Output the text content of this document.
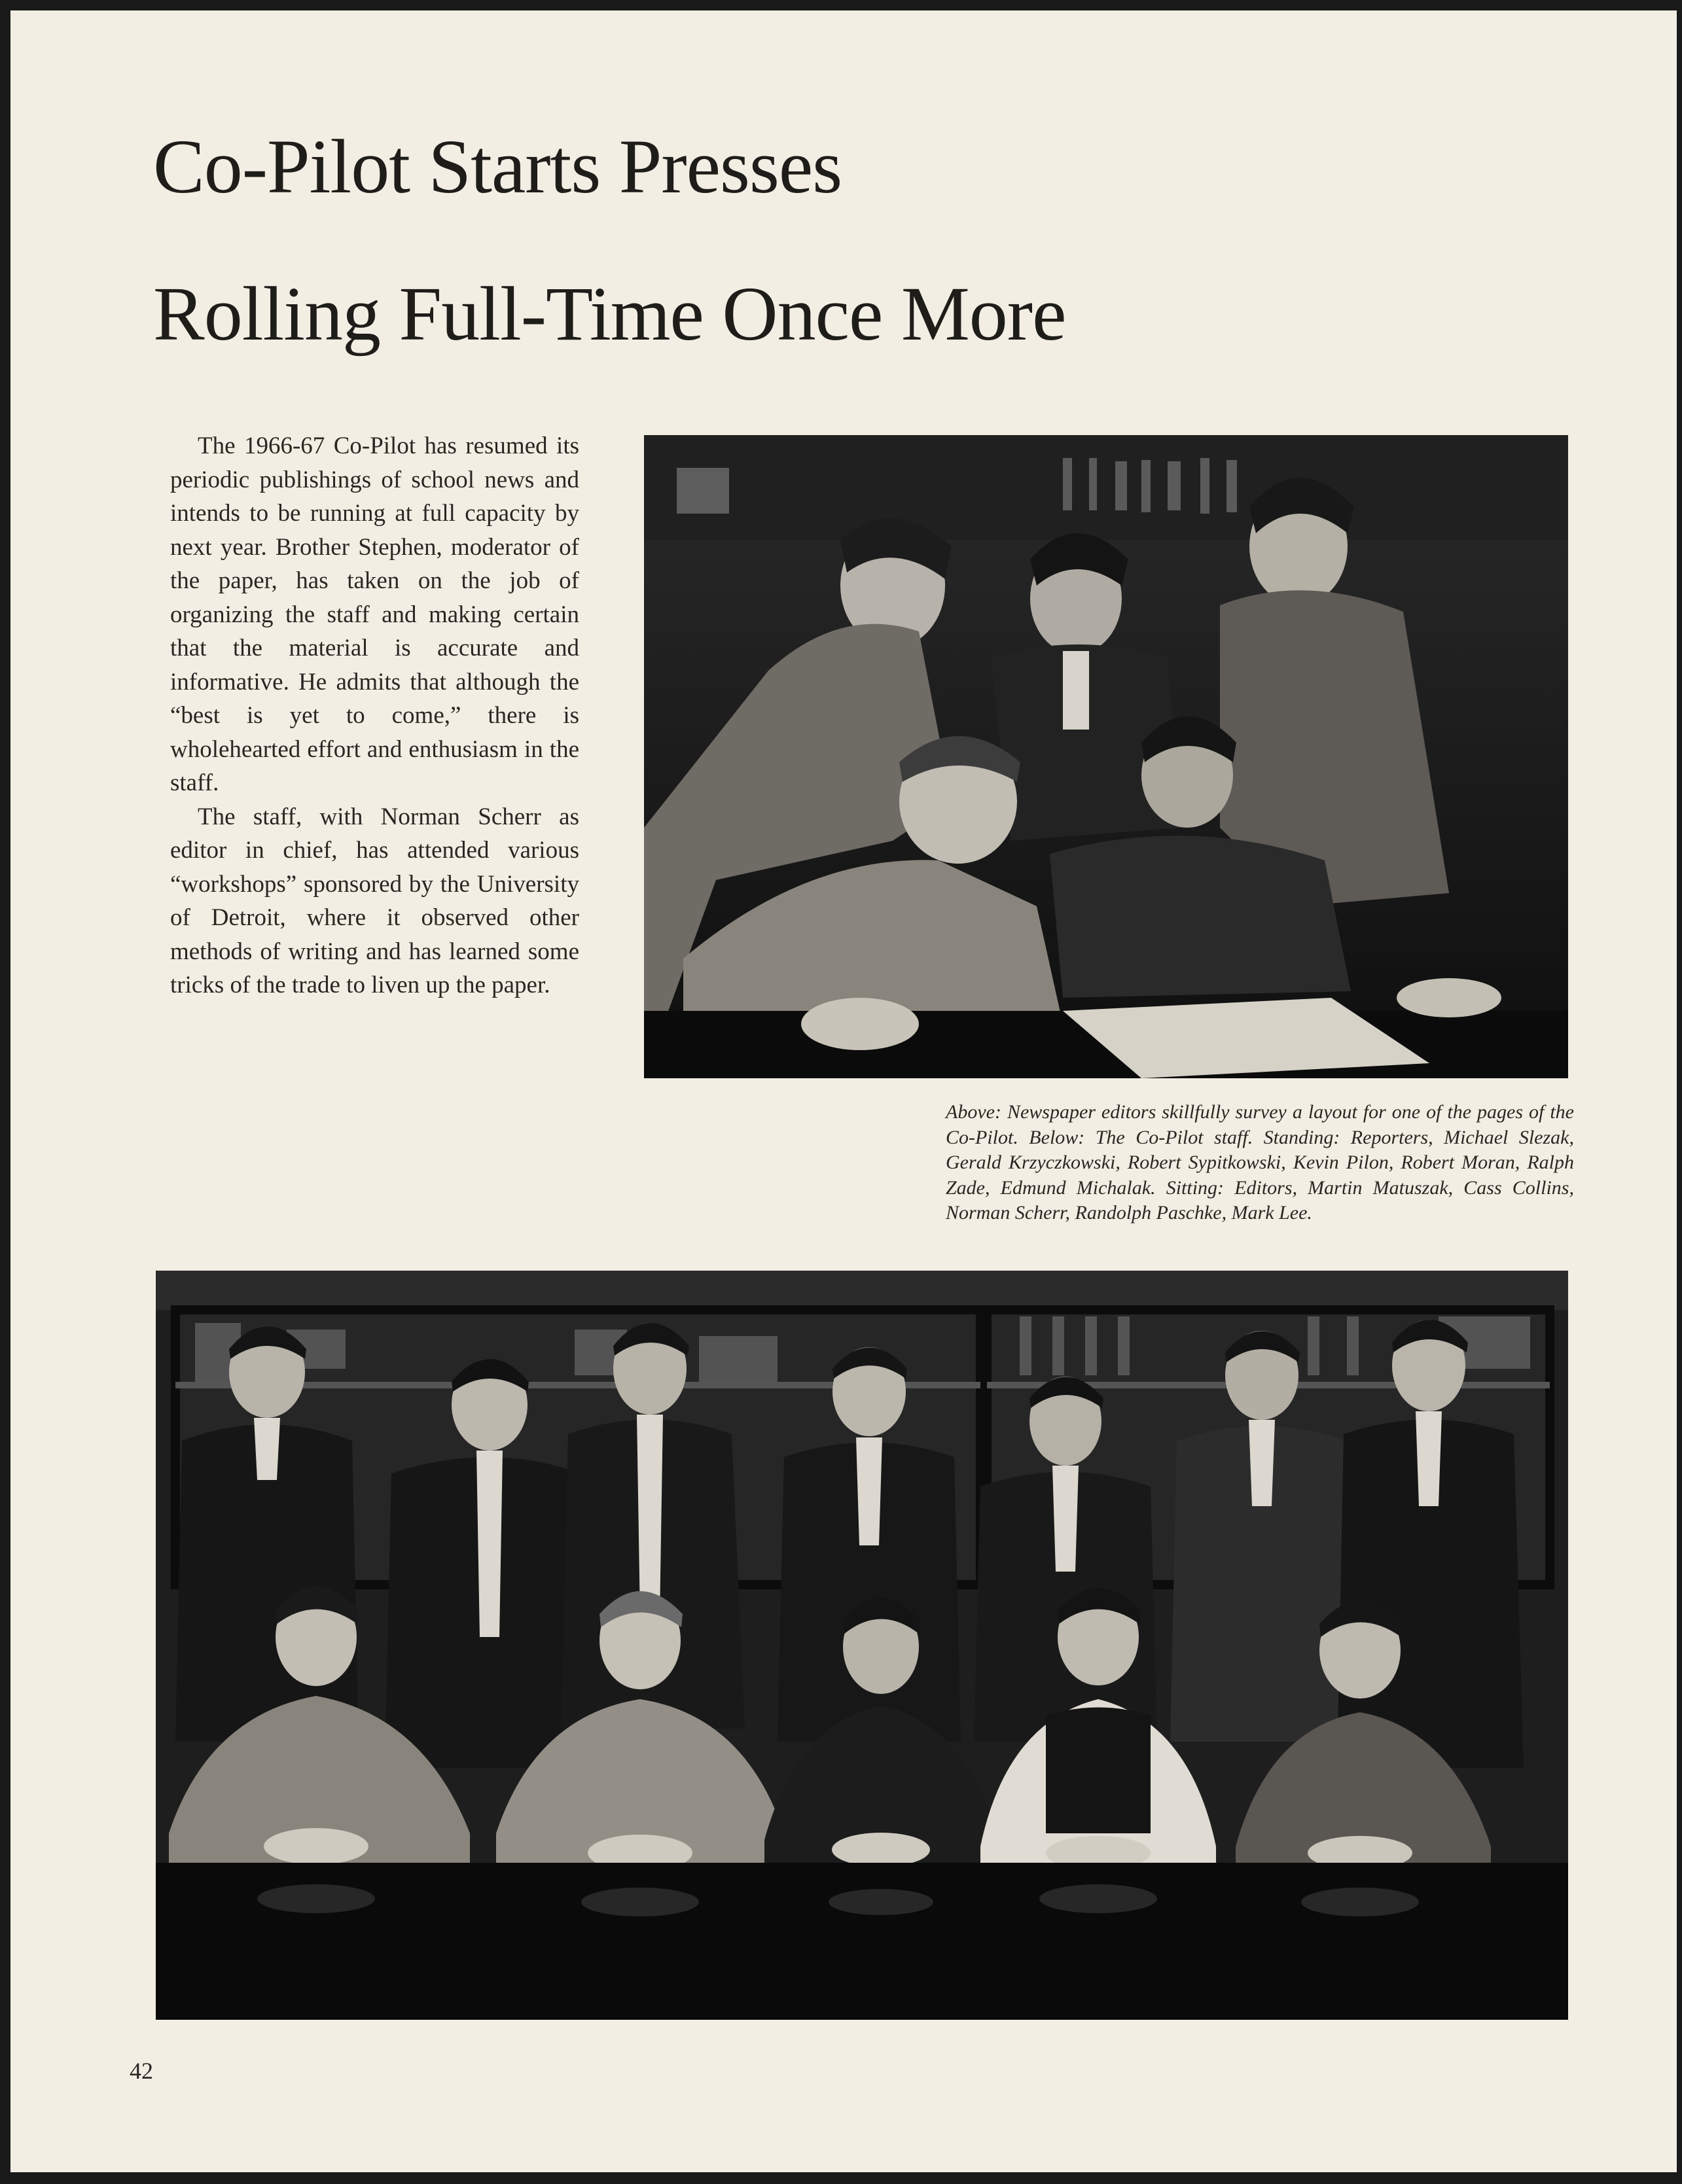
Co-Pilot Starts Presses
Rolling Full-Time Once More

The 1966-67 Co-Pilot has resumed its periodic publishings of school news and intends to be running at full capacity by next year. Brother Stephen, moderator of the paper, has taken on the job of organizing the staff and making certain that the material is accurate and informative. He admits that although the “best is yet to come,” there is wholehearted effort and enthusiasm in the staff.

The staff, with Norman Scherr as editor in chief, has attended various “workshops” sponsored by the University of Detroit, where it observed other methods of writing and has learned some tricks of the trade to liven up the paper.

Above: Newspaper editors skillfully survey a layout for one of the pages of the Co-Pilot. Below: The Co-Pilot staff. Standing: Reporters, Michael Slezak, Gerald Krzyczkowski, Robert Sypitkowski, Kevin Pilon, Robert Moran, Ralph Zade, Edmund Michalak. Sitting: Editors, Martin Matuszak, Cass Collins, Norman Scherr, Randolph Paschke, Mark Lee.
42
